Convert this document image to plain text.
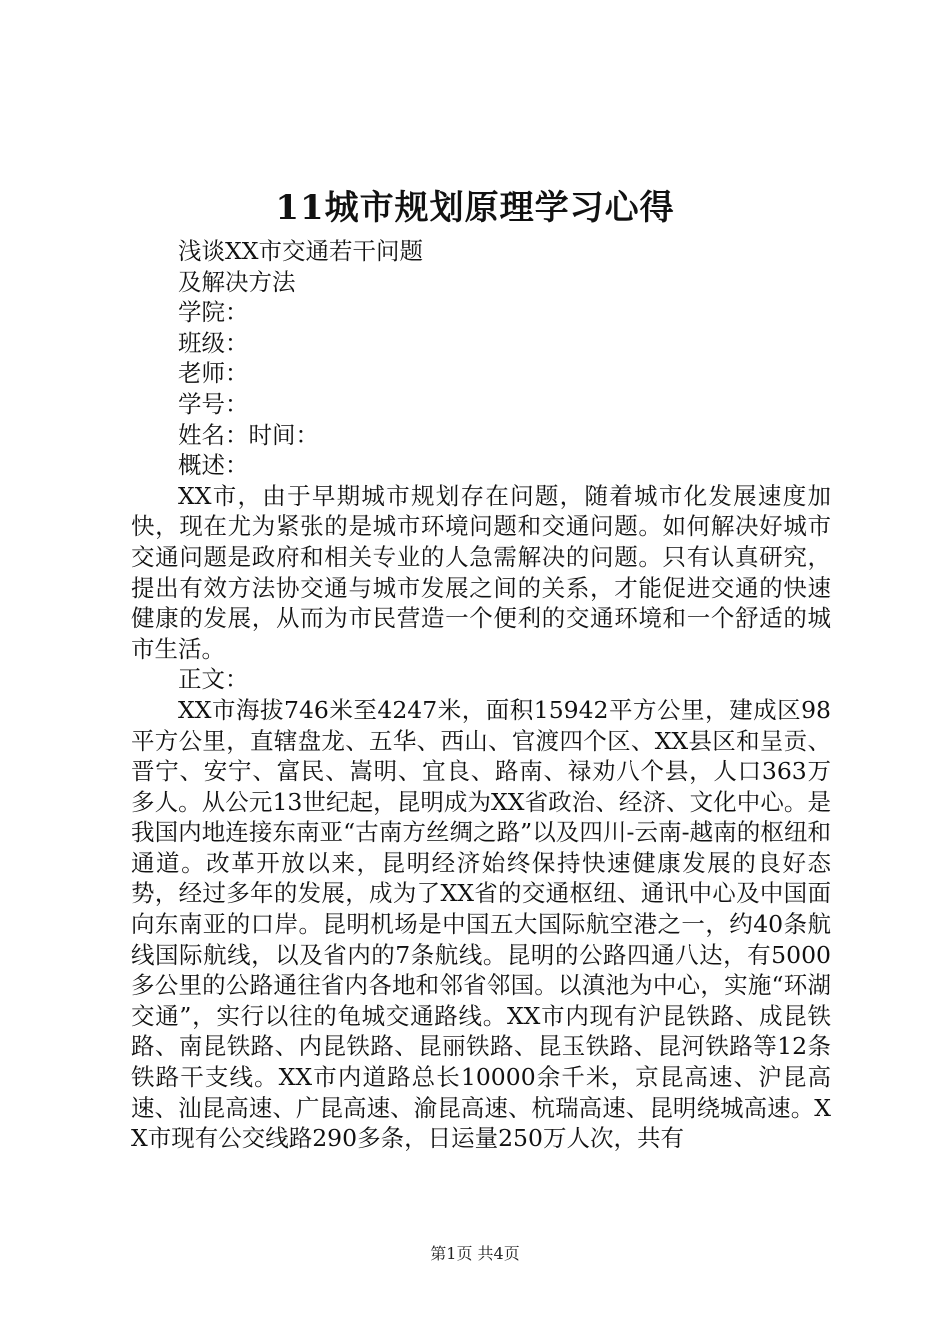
11城市规划原理学习心得
浅谈XX市交通若干问题
及解决方法
学院：
班级：
老师：
学号：
姓名：时间：
概述：
XX市，由于早期城市规划存在问题，随着城市化发展速度加快，现在尤为紧张的是城市环境问题和交通问题。如何解决好城市交通问题是政府和相关专业的人急需解决的问题。只有认真研究，提出有效方法协交通与城市发展之间的关系，才能促进交通的快速健康的发展，从而为市民营造一个便利的交通环境和一个舒适的城市生活。
正文：
XX市海拔746米至4247米，面积15942平方公里，建成区98平方公里，直辖盘龙、五华、西山、官渡四个区、XX县区和呈贡、晋宁、安宁、富民、嵩明、宜良、路南、禄劝八个县，人口363万多人。从公元13世纪起，昆明成为XX省政治、经济、文化中心。是我国内地连接东南亚“古南方丝绸之路”以及四川-云南-越南的枢纽和通道。改革开放以来，昆明经济始终保持快速健康发展的良好态势，经过多年的发展，成为了XX省的交通枢纽、通讯中心及中国面向东南亚的口岸。昆明机场是中国五大国际航空港之一，约40条航线国际航线，以及省内的7条航线。昆明的公路四通八达，有5000多公里的公路通往省内各地和邻省邻国。以滇池为中心，实施“环湖交通”，实行以往的龟城交通路线。XX市内现有沪昆铁路、成昆铁路、南昆铁路、内昆铁路、昆丽铁路、昆玉铁路、昆河铁路等12条铁路干支线。XX市内道路总长10000余千米，京昆高速、沪昆高速、汕昆高速、广昆高速、渝昆高速、杭瑞高速、昆明绕城高速。XX市现有公交线路290多条，日运量250万人次，共有
第1页 共4页
